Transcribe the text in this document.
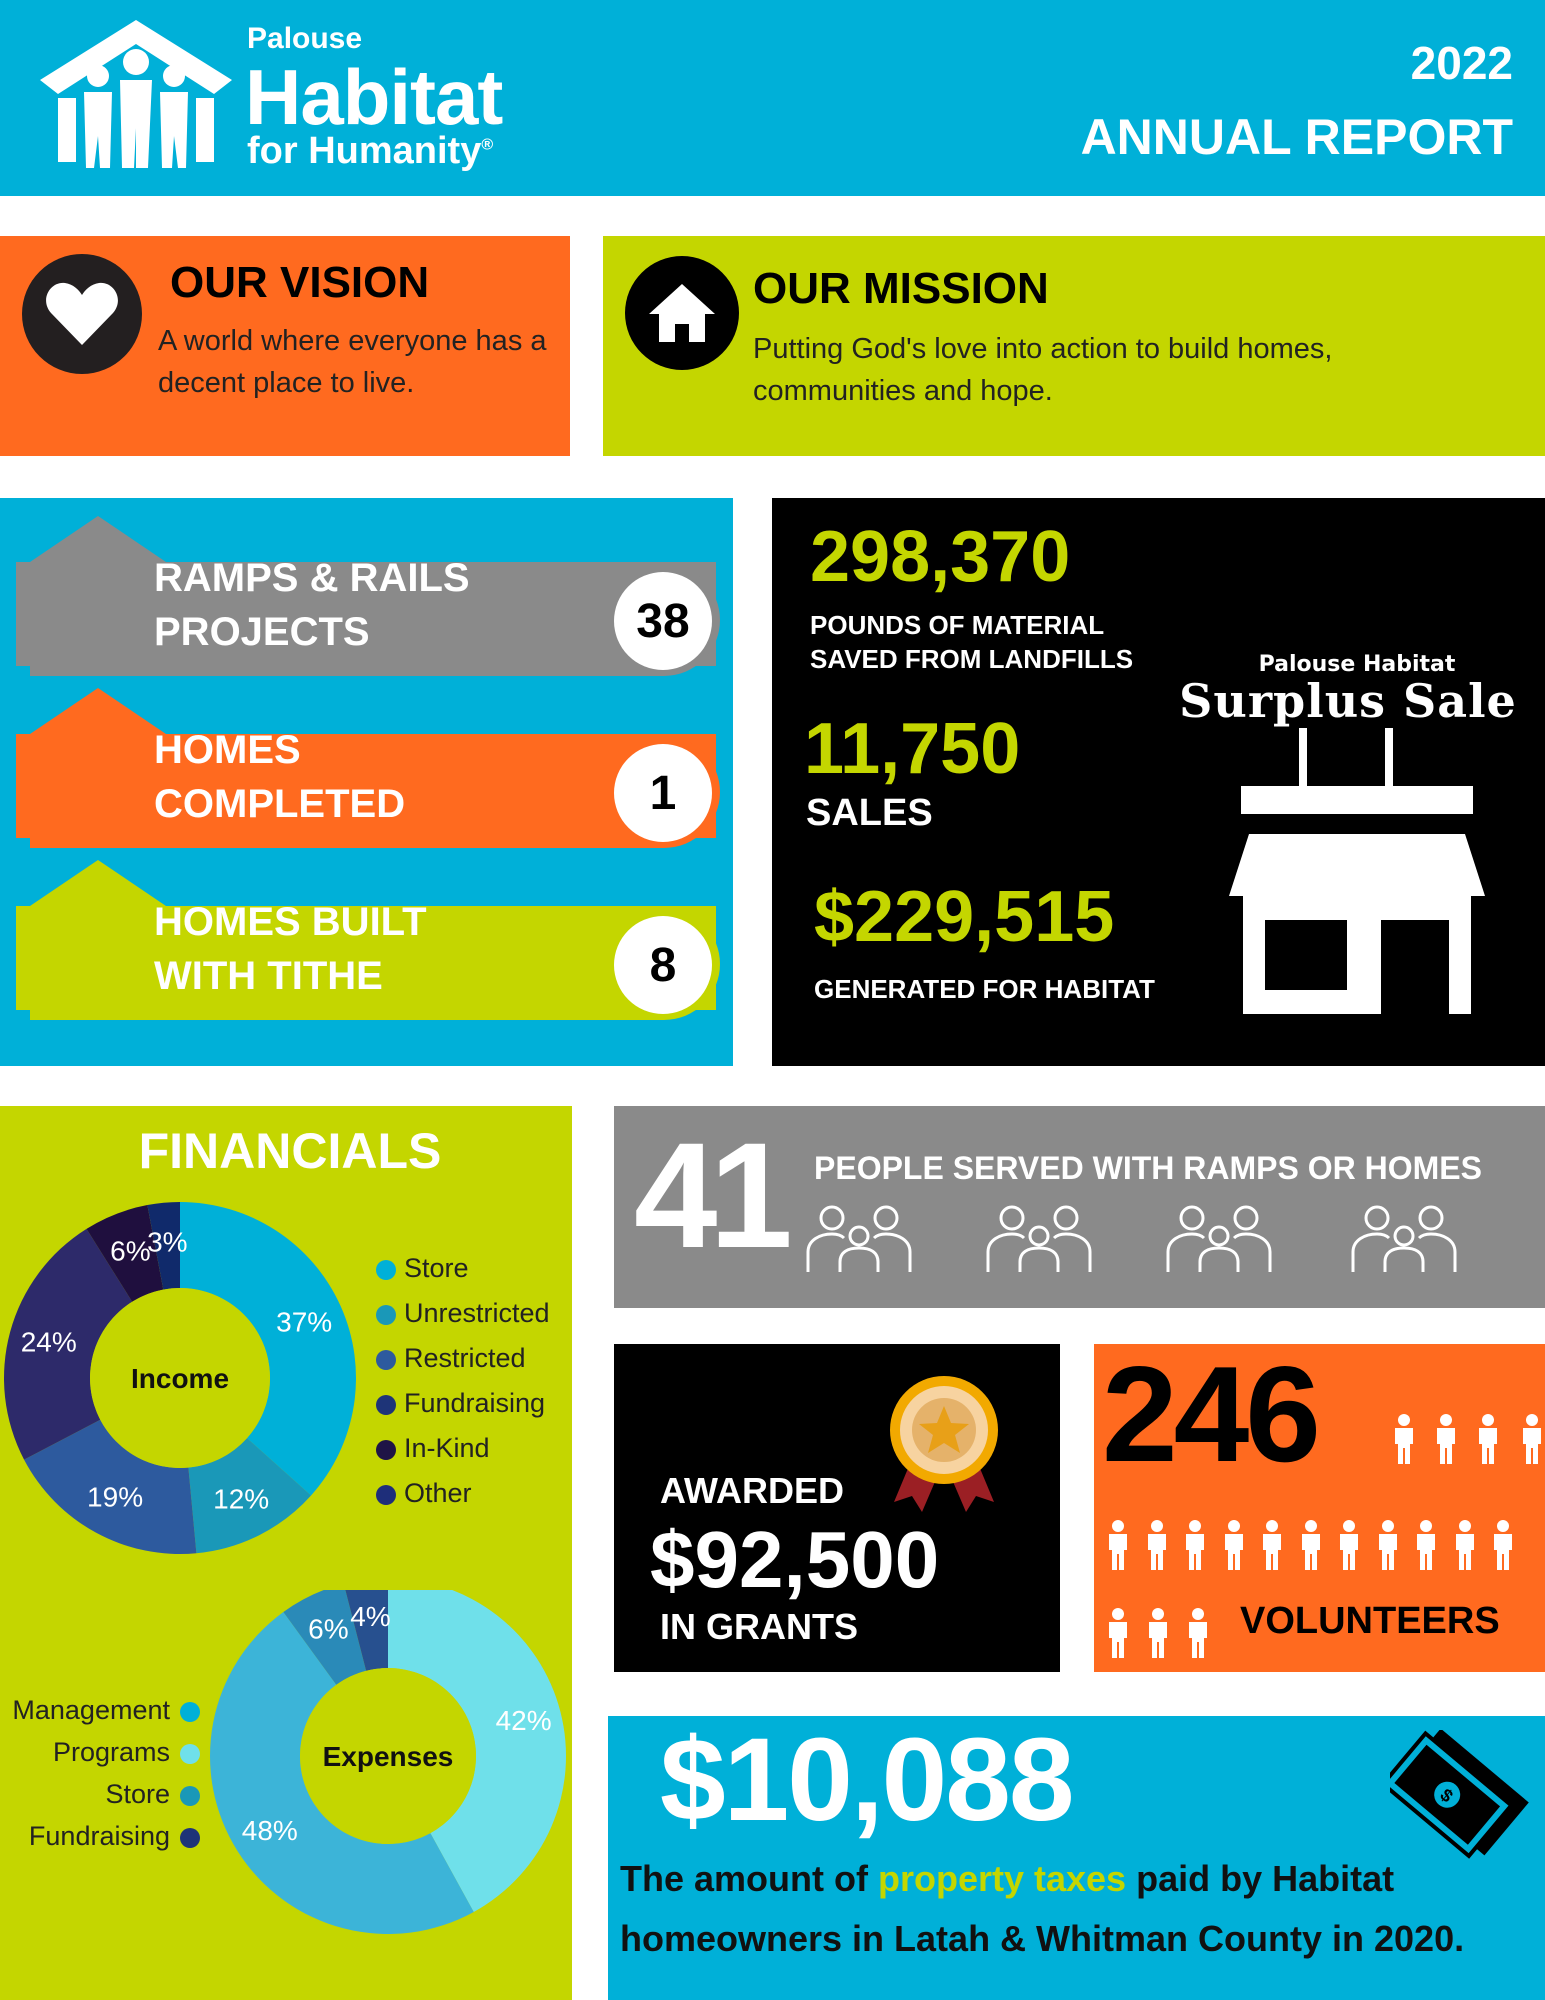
Palouse
Habitat
for Humanity®
2022
ANNUAL REPORT
OUR VISION
A world where everyone has a decent place to live.
OUR MISSION
Putting God's love into action to build homes, communities and hope.
RAMPS & RAILS
PROJECTS	38
HOMES
COMPLETED	1
HOMES BUILT
WITH TITHE	8
298,370
POUNDS OF MATERIAL
SAVED FROM LANDFILLS
11,750
SALES
$229,515
GENERATED FOR HABITAT
Palouse Habitat
Surplus Sale
FINANCIALS
37%
12%
19%
24%
6%
3%
Income
42%
48%
6% 4%
Expenses
Store
Unrestricted
Restricted
Fundraising
In-Kind
Other
Management
Programs
Store
Fundraising
41 PEOPLE SERVED WITH RAMPS OR HOMES
AWARDED
$92,500
IN GRANTS
246
VOLUNTEERS
$10,088	$
The amount of property taxes paid by Habitat
homeowners in Latah & Whitman County in 2020.
